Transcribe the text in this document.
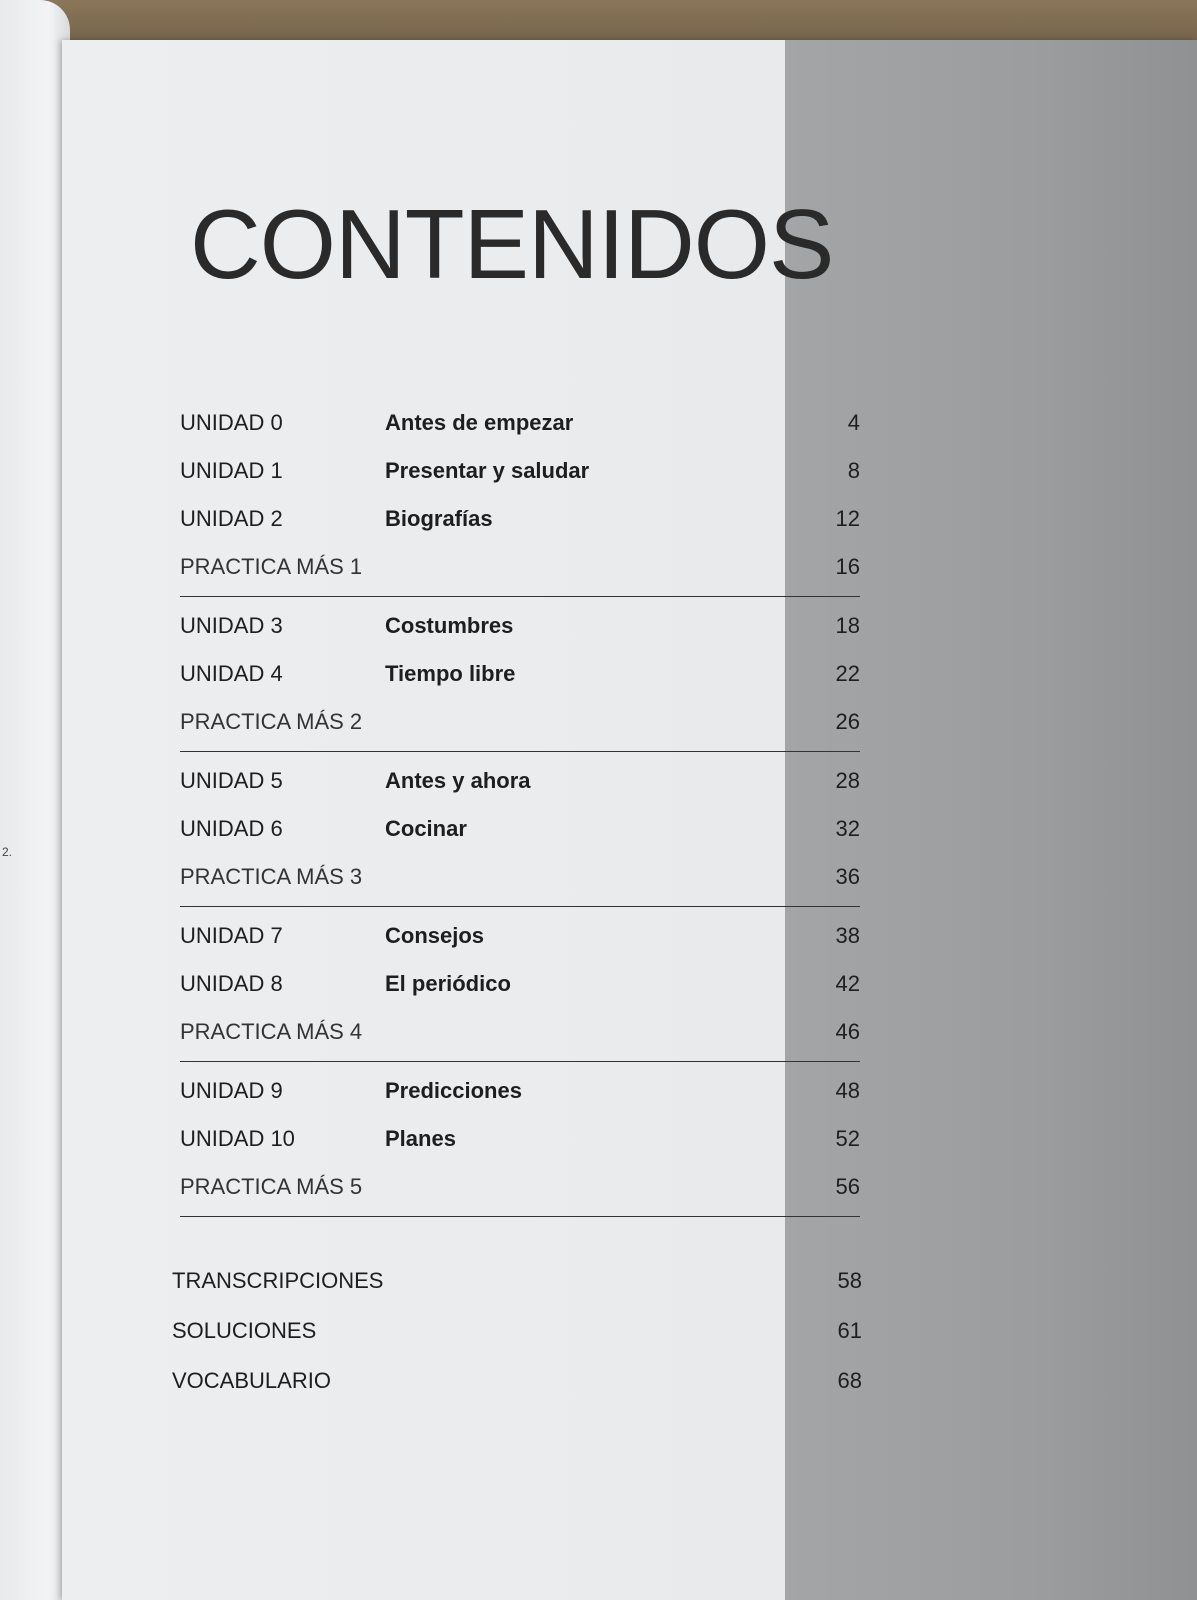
2.
CONTENIDOS
UNIDAD 0	Antes de empezar	4
UNIDAD 1	Presentar y saludar	8
UNIDAD 2	Biografías	12
PRACTICA MÁS 1	16
UNIDAD 3	Costumbres	18
UNIDAD 4	Tiempo libre	22
PRACTICA MÁS 2	26
UNIDAD 5	Antes y ahora	28
UNIDAD 6	Cocinar	32
PRACTICA MÁS 3	36
UNIDAD 7	Consejos	38
UNIDAD 8	El periódico	42
PRACTICA MÁS 4	46
UNIDAD 9	Predicciones	48
UNIDAD 10	Planes	52
PRACTICA MÁS 5	56
TRANSCRIPCIONES	58
SOLUCIONES	61
VOCABULARIO	68
